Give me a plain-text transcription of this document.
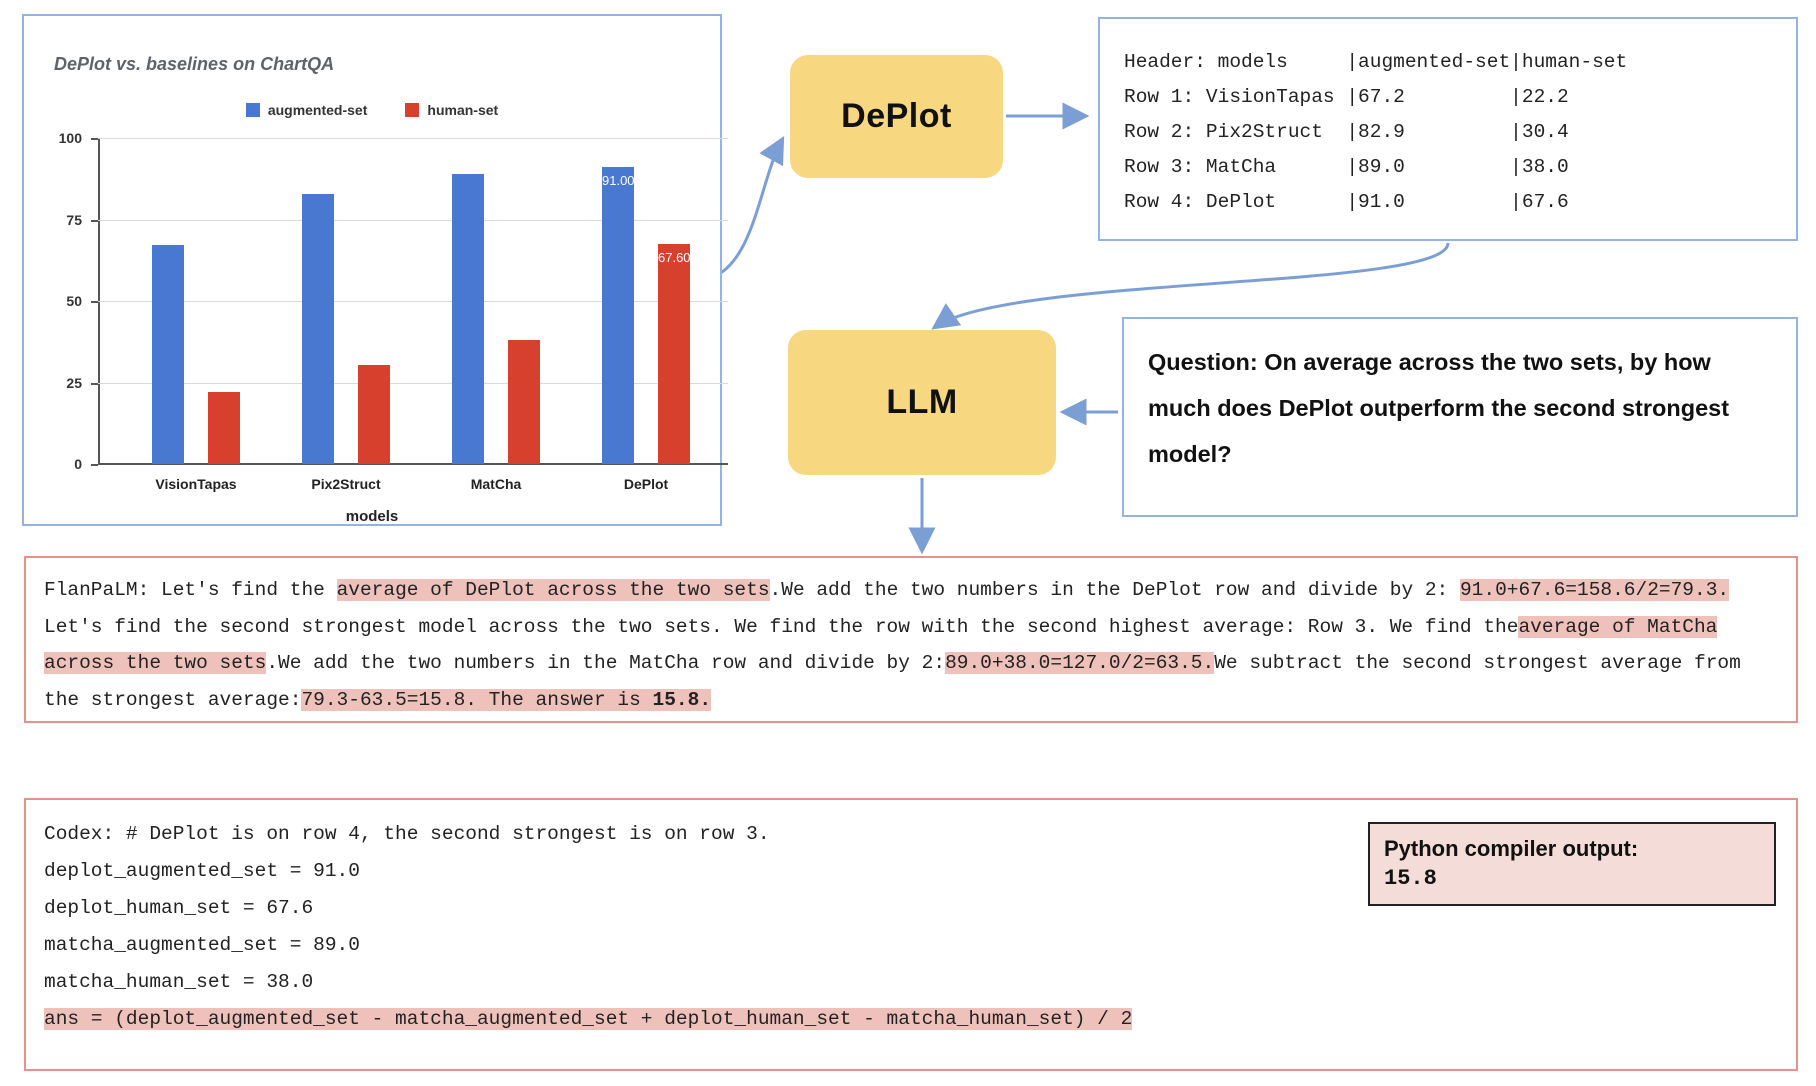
DePlot vs. baselines on ChartQA
augmented-set	human-set
100
75
50
25
0
VisionTapas	Pix2Struct	MatCha
91.00
67.60
DePlot
models
DePlot
Header: models     |augmented-set|human-set
Row 1: VisionTapas |67.2         |22.2
Row 2: Pix2Struct  |82.9         |30.4
Row 3: MatCha      |89.0         |38.0
Row 4: DePlot      |91.0         |67.6
LLM

Question: On average across the two sets, by how much does DePlot outperform the second strongest model?

FlanPaLM: Let's find the average of DePlot across the two sets.We add the two numbers in the DePlot row and divide by 2: 91.0+67.6=158.6/2=79.3. Let's find the second strongest model across the two sets. We find the row with the second highest average: Row 3. We find theaverage of MatCha across the two sets.We add the two numbers in the MatCha row and divide by 2:89.0+38.0=127.0/2=63.5.We subtract the second strongest average from the strongest average:79.3-63.5=15.8. The answer is 15.8.
Codex: # DePlot is on row 4, the second strongest is on row 3.
deplot_augmented_set = 91.0
deplot_human_set = 67.6
matcha_augmented_set = 89.0
matcha_human_set = 38.0
ans = (deplot_augmented_set - matcha_augmented_set + deplot_human_set - matcha_human_set) / 2
Python compiler output:
15.8
